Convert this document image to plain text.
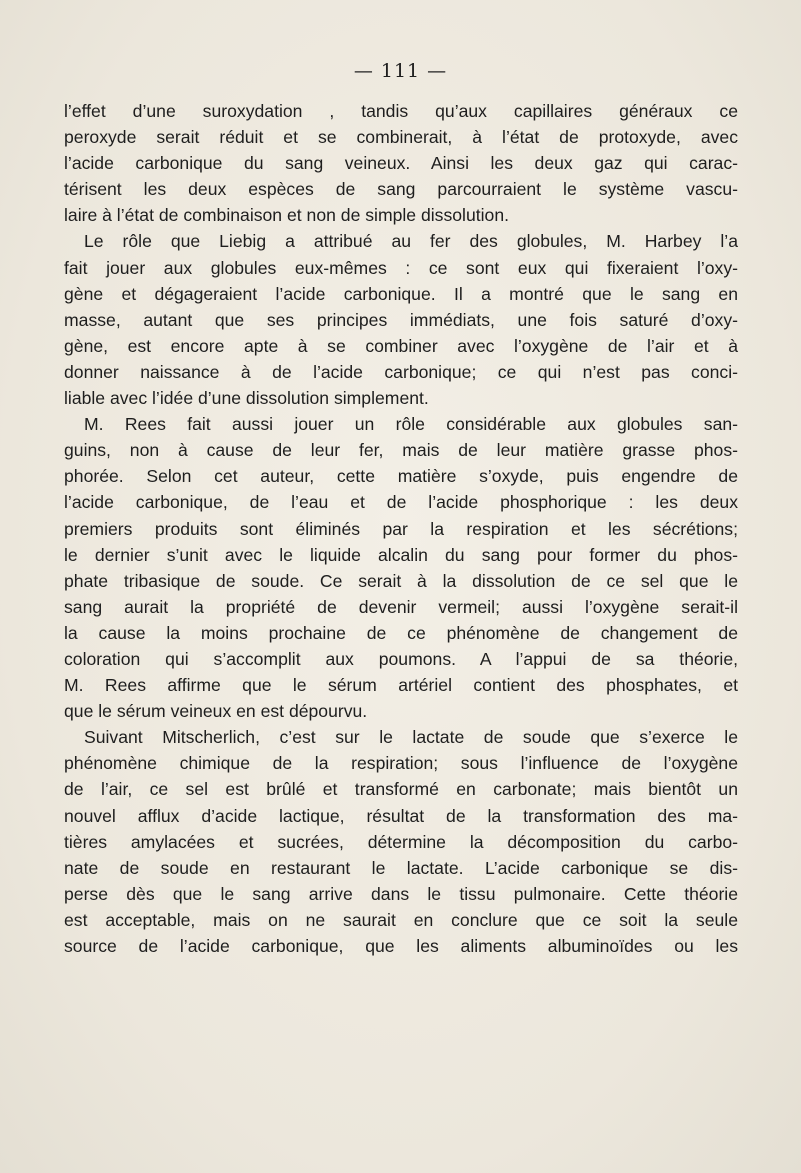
— 111 —
l’effet d’une suroxydation , tandis qu’aux capillaires généraux ce
peroxyde serait réduit et se combinerait, à l’état de protoxyde, avec
l’acide carbonique du sang veineux. Ainsi les deux gaz qui carac-
térisent les deux espèces de sang parcourraient le système vascu-
laire à l’état de combinaison et non de simple dissolution.
Le rôle que Liebig a attribué au fer des globules, M. Harbey l’a
fait jouer aux globules eux-mêmes : ce sont eux qui fixeraient l’oxy-
gène et dégageraient l’acide carbonique. Il a montré que le sang en
masse, autant que ses principes immédiats, une fois saturé d’oxy-
gène, est encore apte à se combiner avec l’oxygène de l’air et à
donner naissance à de l’acide carbonique; ce qui n’est pas conci-
liable avec l’idée d’une dissolution simplement.
M. Rees fait aussi jouer un rôle considérable aux globules san-
guins, non à cause de leur fer, mais de leur matière grasse phos-
phorée. Selon cet auteur, cette matière s’oxyde, puis engendre de
l’acide carbonique, de l’eau et de l’acide phosphorique : les deux
premiers produits sont éliminés par la respiration et les sécrétions;
le dernier s’unit avec le liquide alcalin du sang pour former du phos-
phate tribasique de soude. Ce serait à la dissolution de ce sel que le
sang aurait la propriété de devenir vermeil; aussi l’oxygène serait-il
la cause la moins prochaine de ce phénomène de changement de
coloration qui s’accomplit aux poumons. A l’appui de sa théorie,
M. Rees affirme que le sérum artériel contient des phosphates, et
que le sérum veineux en est dépourvu.
Suivant Mitscherlich, c’est sur le lactate de soude que s’exerce le
phénomène chimique de la respiration; sous l’influence de l’oxygène
de l’air, ce sel est brûlé et transformé en carbonate; mais bientôt un
nouvel afflux d’acide lactique, résultat de la transformation des ma-
tières amylacées et sucrées, détermine la décomposition du carbo-
nate de soude en restaurant le lactate. L’acide carbonique se dis-
perse dès que le sang arrive dans le tissu pulmonaire. Cette théorie
est acceptable, mais on ne saurait en conclure que ce soit la seule
source de l’acide carbonique, que les aliments albuminoïdes ou les
